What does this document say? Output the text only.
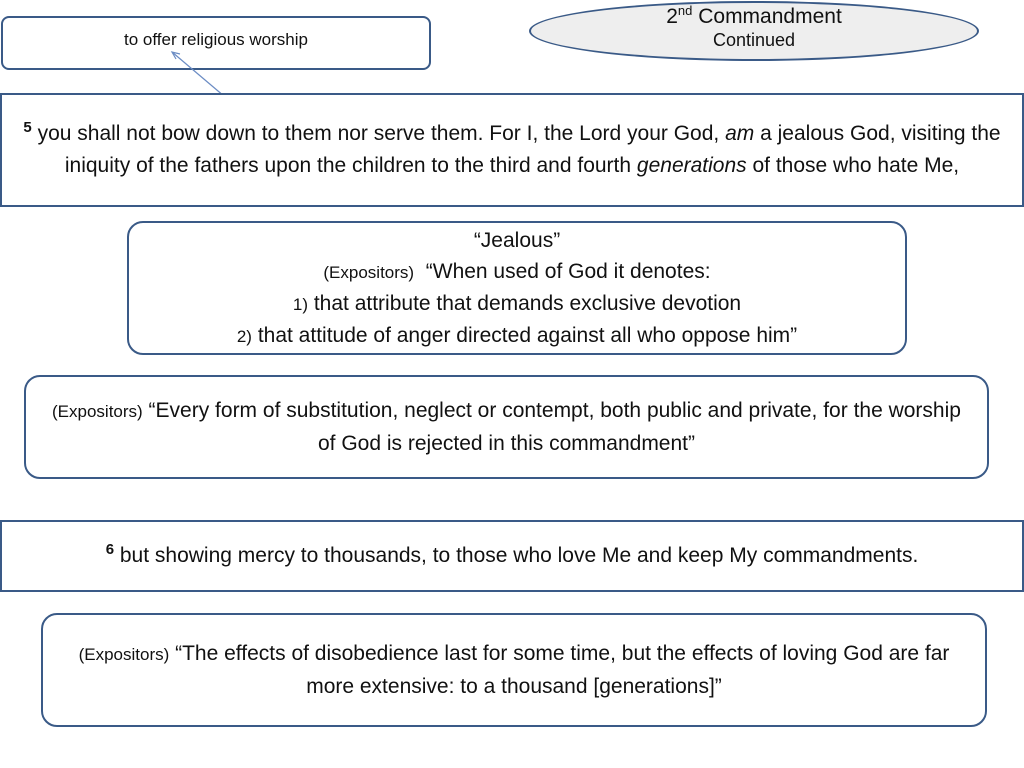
to offer religious worship
2nd Commandment
Continued
$^5$ you shall not bow down to them nor serve them. For I, the Lord your God, am a jealous God, visiting the iniquity of the fathers upon the children to the third and fourth generations of those who hate Me,
“Jealous”
(Expositors) “When used of God it denotes:
1) that attribute that demands exclusive devotion
2) that attitude of anger directed against all who oppose him”
(Expositors) “Every form of substitution, neglect or contempt, both public and private, for the worship of God is rejected in this commandment”
$^6$ but showing mercy to thousands, to those who love Me and keep My commandments.
(Expositors) “The effects of disobedience last for some time, but the effects of loving God are far more extensive: to a thousand [generations]”
